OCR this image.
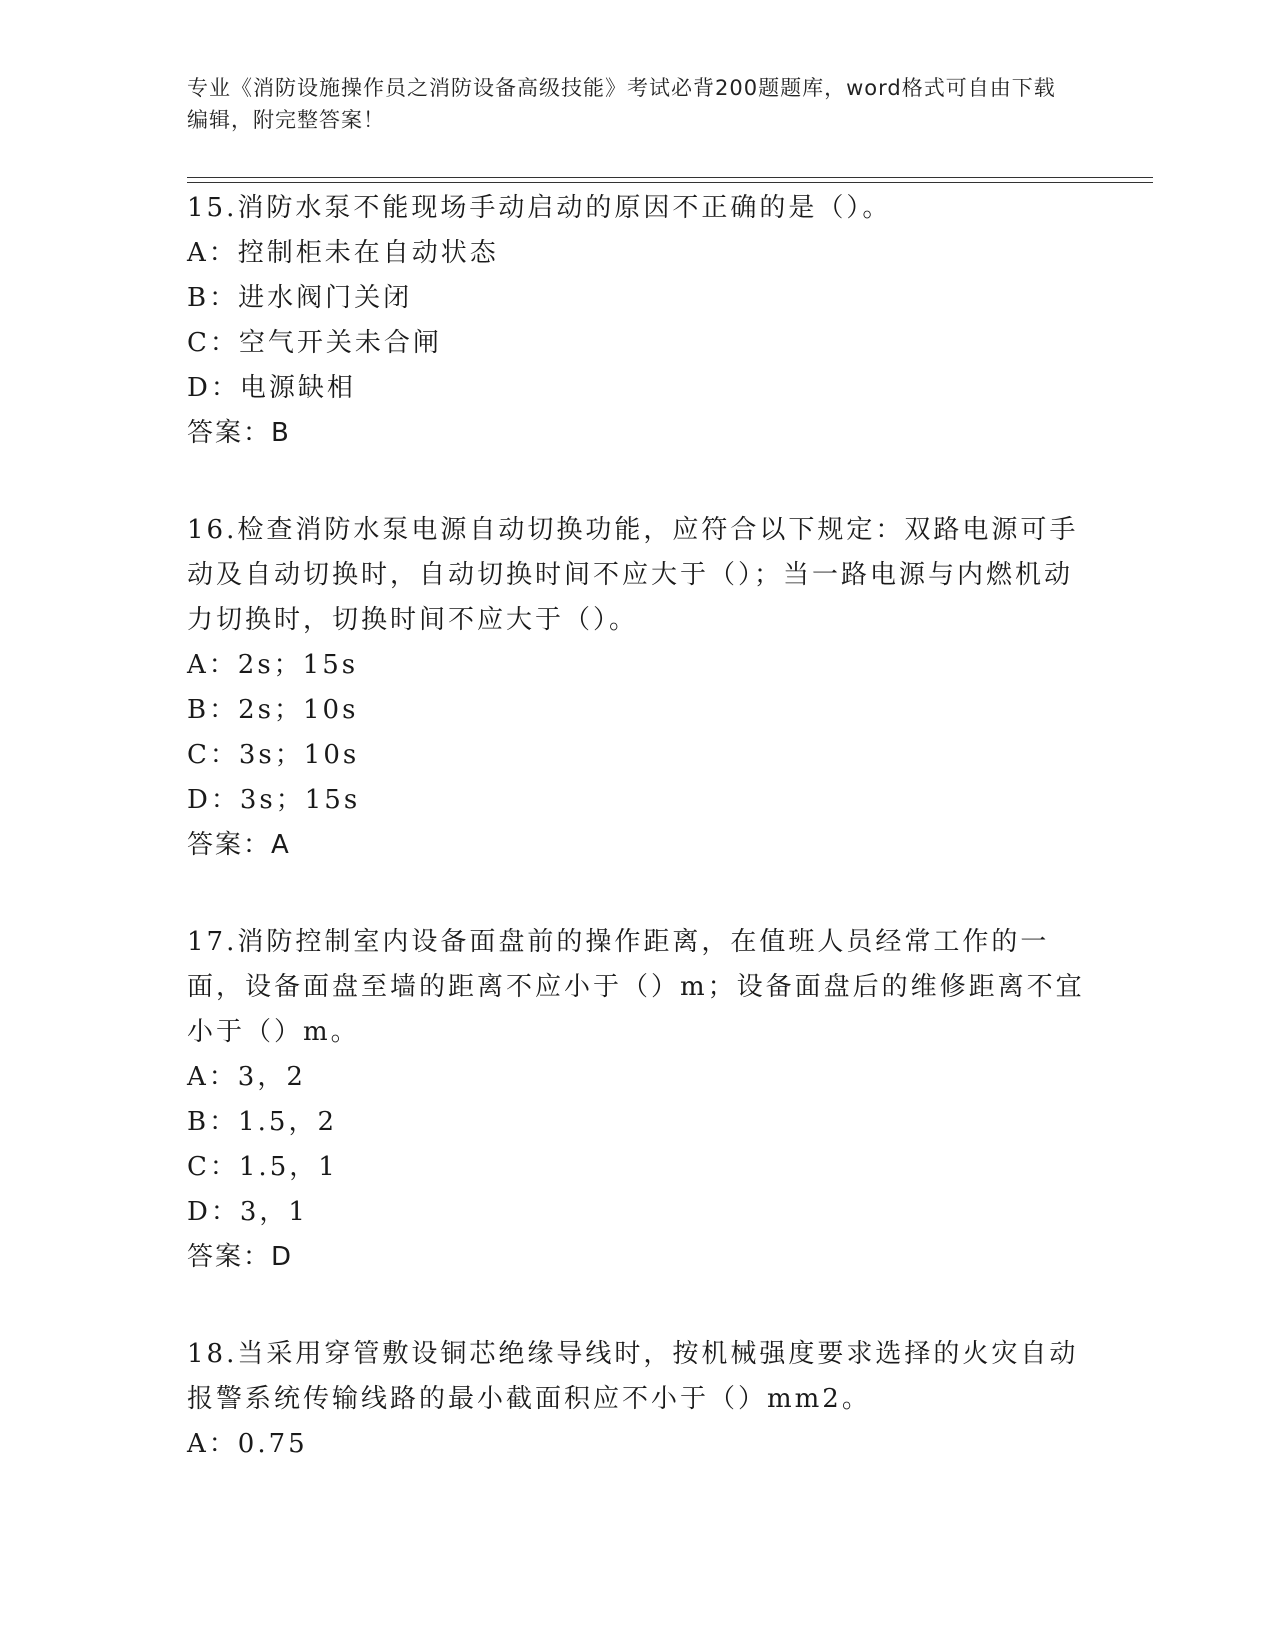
专业《消防设施操作员之消防设备高级技能》考试必背200题题库，word格式可自由下载编辑，附完整答案！

15.消防水泵不能现场手动启动的原因不正确的是（）。

A：控制柜未在自动状态

B：进水阀门关闭

C：空气开关未合闸

D：电源缺相

答案：B

16.检查消防水泵电源自动切换功能，应符合以下规定：双路电源可手动及自动切换时，自动切换时间不应大于（）；当一路电源与内燃机动力切换时，切换时间不应大于（）。

A：2s；15s

B：2s；10s

C：3s；10s

D：3s；15s

答案：A

17.消防控制室内设备面盘前的操作距离，在值班人员经常工作的一面，设备面盘至墙的距离不应小于（）m；设备面盘后的维修距离不宜小于（）m。

A：3，2

B：1.5，2

C：1.5，1

D：3，1

答案：D

18.当采用穿管敷设铜芯绝缘导线时，按机械强度要求选择的火灾自动报警系统传输线路的最小截面积应不小于（）mm2。

A：0.75
